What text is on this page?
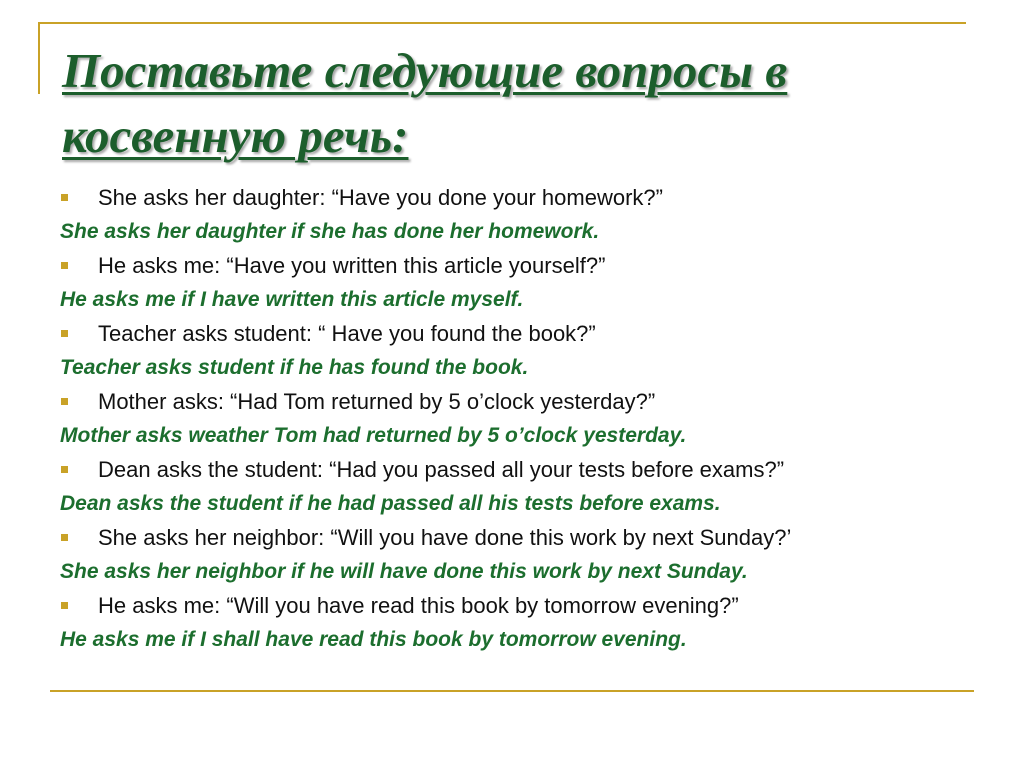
Поставьте следующие вопросы в косвенную речь:
She asks her daughter: “Have you done your homework?”
She asks her daughter if she has done her homework.
He asks me: “Have you written this article yourself?”
He asks me if I have written this article myself.
Teacher asks student: “ Have you found the book?”
Teacher asks student if he has found the book.
Mother asks: “Had Tom returned by 5 o’clock yesterday?”
Mother asks weather Tom had returned by 5 o’clock yesterday.
Dean asks the student: “Had you passed all your tests before exams?”
Dean asks the student if he had passed all his tests before exams.
She asks her neighbor: “Will you have done this work by next Sunday?’
She asks her neighbor if he will have done this work by next Sunday.
He asks me: “Will you have read this book by tomorrow evening?”
He asks me if I shall have read this book by tomorrow evening.
